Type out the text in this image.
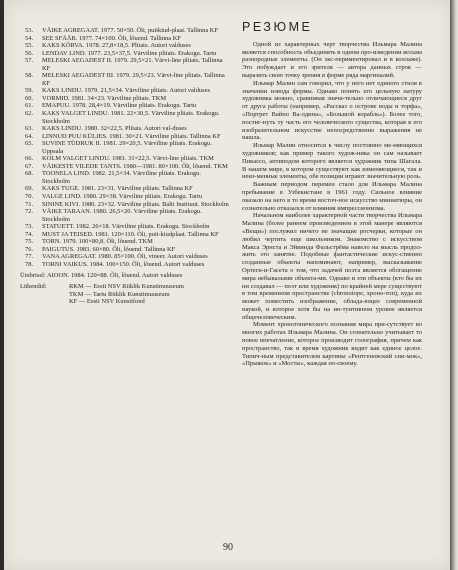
53.	VÄIKE AGREGAAT. 1977. 50×50. Õli, puitkiud-plaat. Tallinna KF
54.	SEE SFÄÄR. 1977. 74×100. Õli, lõuend. Tallinna KF
55.	KAKS KÕRVA. 1978. 27,8×18,5. Pliiats. Autori valduses
56.	LENDAV LIND. 1977. 23,5×37,5. Värviline pliiats. Erakogu. Tartu
57.	MELESKI AEGADEST II. 1979. 29,5×21. Värvi-line pliiats. Tallinna KF
58.	MELESKI AEGADEST III. 1979. 29,5×23. Värvi-line pliiats. Tallinna KF
59.	KAKS LINDU. 1979. 21,5×34. Värviline pliiats. Autori valduses
60.	VORMID. 1981. 34×23. Värviline pliiats. TKM
61.	EMAPUU. 1978. 28,4×19. Värviline pliiats. Erakogu. Tartu
62.	KAKS VALGET LINDU. 1981. 22×30,5. Värviline pliiats. Erakogu. Stockholm
63.	KAKS LINDU. 1980. 32×22,5. Pliiats. Autori val-duses
64.	LINNUD PUU KÜLJES. 1981. 30×21. Värviline pliiats. Tallinna KF
65.	SUVINE TÜDRUK II. 1981. 29×20,5. Värviline pliiats. Erakogu. Uppsala
66.	KOLM VALGET LINDU. 1981. 31×22,5. Värvi-line pliiats. TKM
67.	VÄIKESTE VILEDE TANTS. 1980—1981. 80×100. Õli, lõuend. TKM
68.	TOONELA LIND. 1982. 21,5×34. Värviline pliiats. Erakogu. Stockholm
69.	KAKS TUGE. 1981. 23×31. Värviline pliiats. Tallinna KF
70.	VALGE LIND. 1980. 29×38. Värviline pliiats. Erakogu. Tartu
71.	SININE KIVI. 1980. 23×32. Värviline pliiats. Balti Instituut. Stockholm
72.	VÄIKE TARAAN. 1980. 26,5×20. Värviline pliiats. Erakogu. Stockholm
73.	STATUETT. 1982. 26×18. Värviline pliiats. Erakogu. Stockholm
74.	MUST JA TEISED. 1981. 120×110. Õli, puit-kiudplaat. Tallinna KF
75.	TORN. 1979. 100×80,8. Õli, lõuend. TKM
76.	PAIGUTUS. 1983. 60×80. Õli, lõuend. Tallinna KF
77.	VANA AGREGAAT. 1980. 85×100. Õli, vineer. Autori valduses
78.	TORNI VAIKUS. 1984. 100×150. Õli, lõuend. Autori valduses
Ümbrisel: AIOON. 1984. 120×88. Õli, lõuend. Autori valduses
Lühendid:	RKM — Eesti NSV Riiklik Kunstimuuseum
TKM — Tartu Riiklik Kunstimuuseum
KF — Eesti NSV Kunstifond
РЕЗЮМЕ

Одной из характерных черт творчества Ильмара Малина является способность объединять в одном про-изведении весьма разнородные элементы. (Он экс-периментировал и в коллаже). Это побуждает и его зрителя — автора данных строк — выразить свою точку зрения в форме ряда маргиналий.

Ильмар Малин сам говорил, что у него нет единого стиля в значении извода формы. Однако понять его цельную натуру художника можно, сравнивая значи-тельно отличающиеся друг от друга работы (например, «Рассказ о острове воды и торфа», «Портрет Вайно Ва-лдина», «Большой корабль»). Более того, постиг-нуть ту часть его человеческого существа, которая в его изобразительном искусстве непосредственно выражения не нашла.

Ильмар Малин относится к числу постоянно ме-няющихся художников; как пример такого худож-ника он сам называет Пикассо, антиподом которого является художник типа Шагала. В нашем мире, в котором существуют как изменяющиеся, так и неиз-менные элементы, обе позиции играют значительную роль.

Важным периодом перемен стало для Ильмара Малина пребывание в Узбекистане в 1961 году. Сильное влияние оказало на него в то время восточ-ное искусство миниатюры, он сознательно отказался от влияния импрессионизма.

Начальном наиболее характерной части творчества Ильмара Малина (более раннем произведением в этой манере являются «Вещи») послужил ничего не значащие росчерки, которые он любил чертить еще школьником. Знакомство с искусством Макса Эрнста и Эйвинда Фальстрёма навело на мысль продол-жить это занятие. Подобные фантастические искус-ственно созданные объекты напоминают, например, высказывание Ортеги-и-Гасета о том, что задачей поэта является обогащение мира небывалыми объекта-ми. Однако и эти объекты (кто бы их ни создавал — поэт или художник) по крайней мере существуют в том временном пространстве (chronotope, хроно-топ), куда их может поместить изображение, облада-ющее современной наукой, и которое хотя бы на ин-туитивном уровне является общечеловеческим.

Момент хронотопического познания мира при-сутствует во многих работах Ильмара Малина. Он сознательно учитывает то новое впечатление, которое производит голография, причем как пространство, так и время художник видит как единое целое. Типич-ным представителем картины «Рентгеновский сни-мок», «Прыжок» и «Мосты», каждая по-своему.

90
